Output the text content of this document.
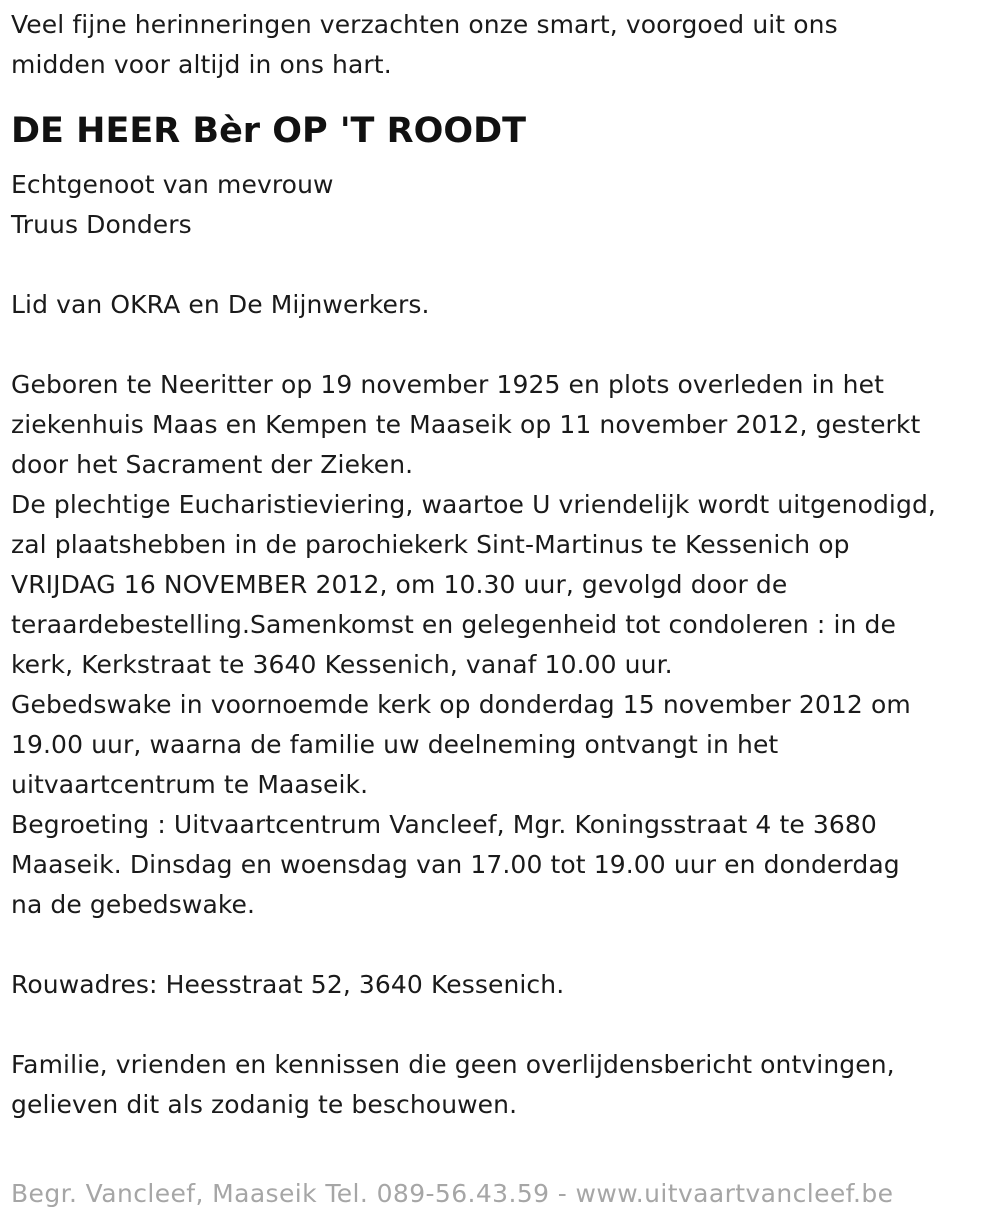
Veel fijne herinneringen verzachten onze smart, voorgoed uit ons
midden voor altijd in ons hart.
DE HEER Bèr OP 'T ROODT
Echtgenoot van mevrouw
Truus Donders
Lid van OKRA en De Mijnwerkers.
Geboren te Neeritter op 19 november 1925 en plots overleden in het
ziekenhuis Maas en Kempen te Maaseik op 11 november 2012, gesterkt
door het Sacrament der Zieken.
De plechtige Eucharistieviering, waartoe U vriendelijk wordt uitgenodigd,
zal plaatshebben in de parochiekerk Sint-Martinus te Kessenich op
VRIJDAG 16 NOVEMBER 2012, om 10.30 uur, gevolgd door de
teraardebestelling.Samenkomst en gelegenheid tot condoleren : in de
kerk, Kerkstraat te 3640 Kessenich, vanaf 10.00 uur.
Gebedswake in voornoemde kerk op donderdag 15 november 2012 om
19.00 uur, waarna de familie uw deelneming ontvangt in het
uitvaartcentrum te Maaseik.
Begroeting : Uitvaartcentrum Vancleef, Mgr. Koningsstraat 4 te 3680
Maaseik. Dinsdag en woensdag van 17.00 tot 19.00 uur en donderdag
na de gebedswake.
Rouwadres: Heesstraat 52, 3640 Kessenich.
Familie, vrienden en kennissen die geen overlijdensbericht ontvingen,
gelieven dit als zodanig te beschouwen.
Begr. Vancleef, Maaseik Tel. 089-56.43.59 - www.uitvaartvancleef.be
